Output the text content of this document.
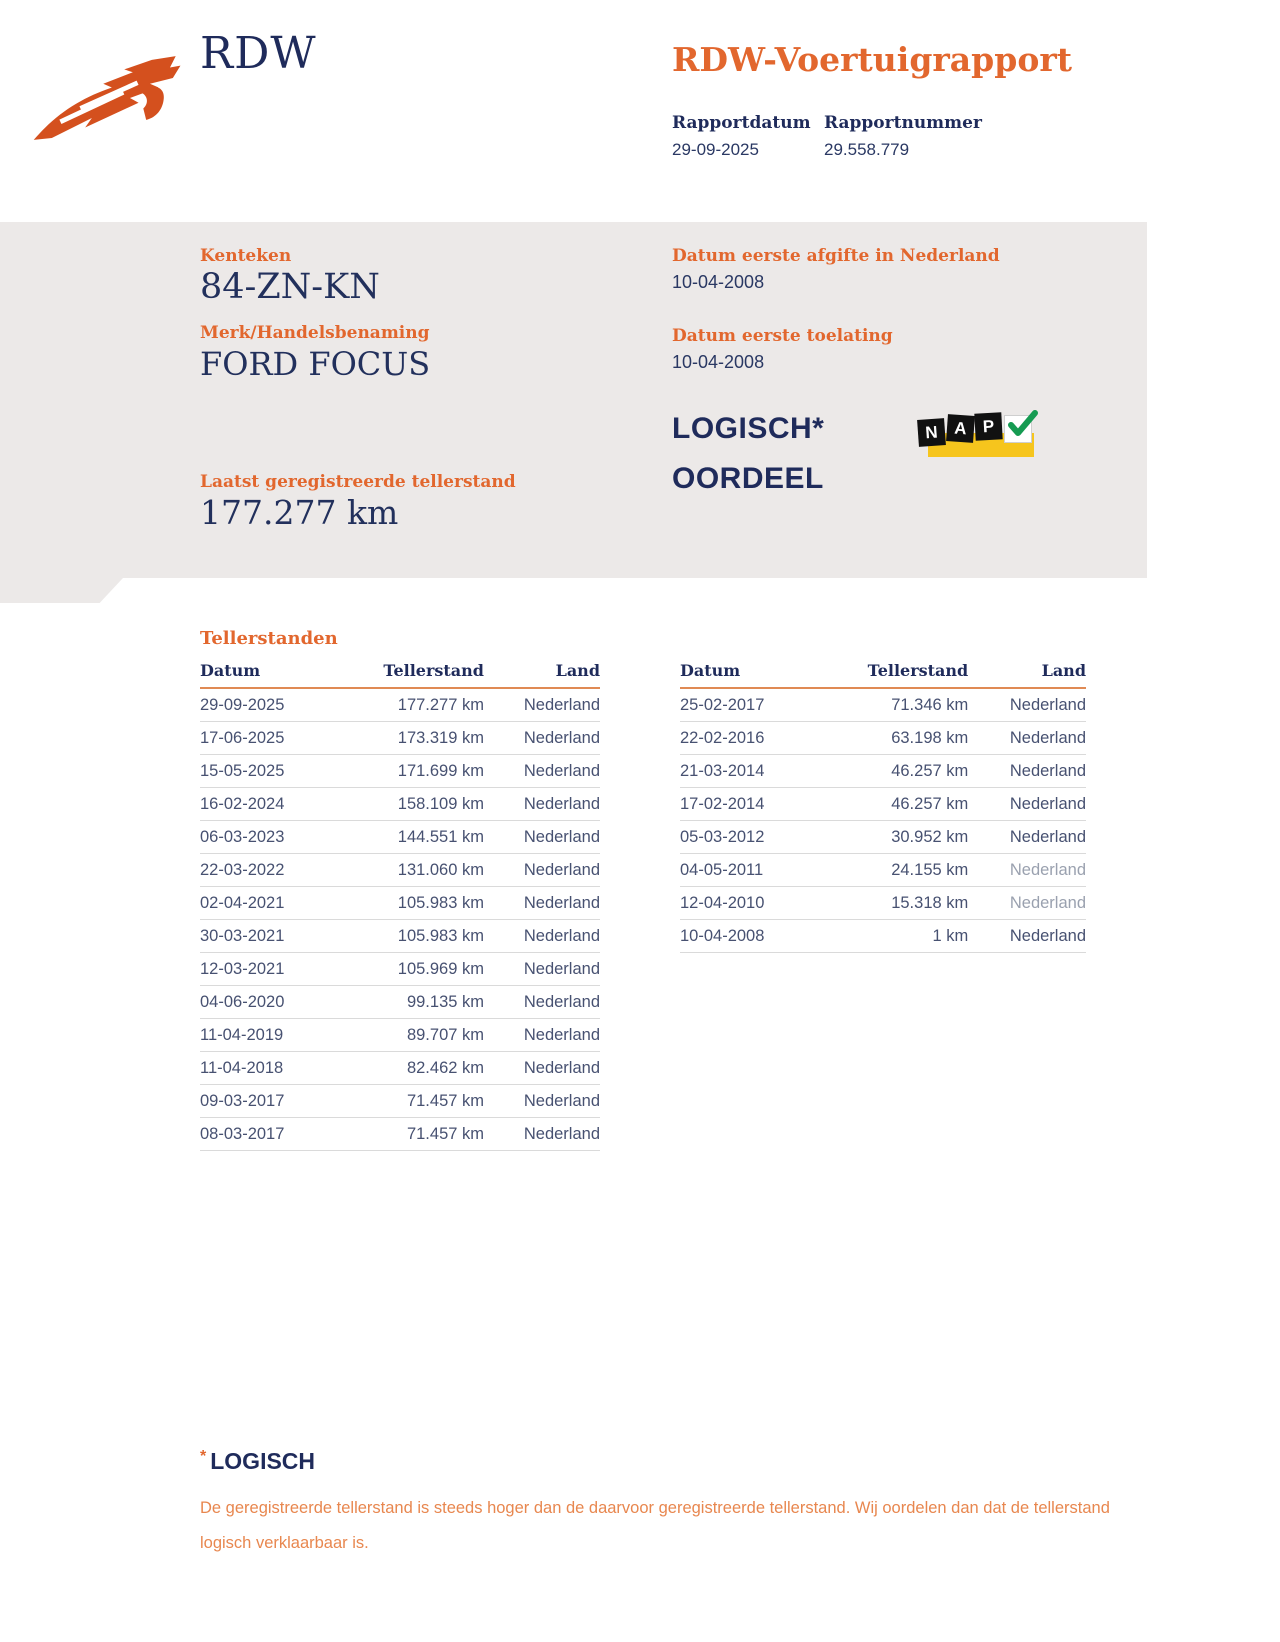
RDW	RDW-Voertuigrapport
Rapportdatum
29-09-2025
Rapportnummer
29.558.779
Kenteken
84-ZN-KN
Merk/Handelsbenaming
FORD FOCUS
Laatst geregistreerde tellerstand
177.277 km
Datum eerste afgifte in Nederland
10-04-2008
Datum eerste toelating
10-04-2008
LOGISCH*
OORDEEL
N A P
Tellerstanden
Datum	Tellerstand	Land
29-09-2025	177.277 km	Nederland
17-06-2025	173.319 km	Nederland
15-05-2025	171.699 km	Nederland
16-02-2024	158.109 km	Nederland
06-03-2023	144.551 km	Nederland
22-03-2022	131.060 km	Nederland
02-04-2021	105.983 km	Nederland
30-03-2021	105.983 km	Nederland
12-03-2021	105.969 km	Nederland
04-06-2020	99.135 km	Nederland
11-04-2019	89.707 km	Nederland
11-04-2018	82.462 km	Nederland
09-03-2017	71.457 km	Nederland
08-03-2017	71.457 km	Nederland
Datum	Tellerstand	Land
25-02-2017	71.346 km	Nederland
22-02-2016	63.198 km	Nederland
21-03-2014	46.257 km	Nederland
17-02-2014	46.257 km	Nederland
05-03-2012	30.952 km	Nederland
04-05-2011	24.155 km	Nederland
12-04-2010	15.318 km	Nederland
10-04-2008	1 km	Nederland
* LOGISCH

De geregistreerde tellerstand is steeds hoger dan de daarvoor geregistreerde tellerstand. Wij oordelen dan dat de tellerstand logisch verklaarbaar is.
